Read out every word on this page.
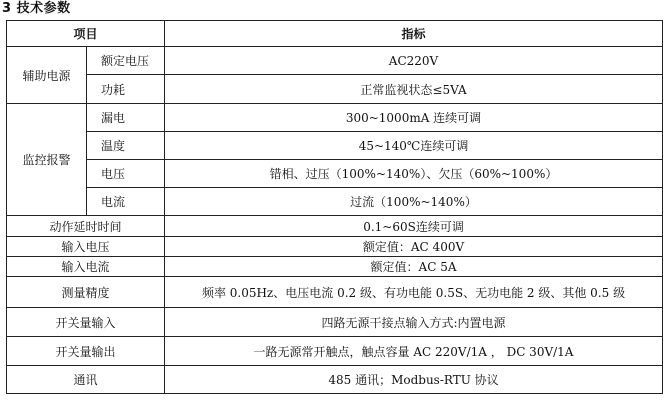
3 技术参数
项目		指标
辅助电源	额定电压	AC220V
	功耗	正常监视状态≤5VA
监控报警	漏电	300~1000mA 连续可调
	温度	45~140℃连续可调
	电压	错相、过压（100%~140%）、欠压（60%~100%）
	电流	过流（100%~140%）
动作延时时间		0.1~60S连续可调
输入电压		额定值：AC 400V
输入电流		额定值：AC 5A
测量精度		频率 0.05Hz、电压电流 0.2 级、有功电能 0.5S、无功电能 2 级、其他 0.5 级
开关量输入		四路无源干接点输入方式:内置电源
开关量输出		一路无源常开触点，触点容量 AC 220V/1A ， DC 30V/1A
通讯		485 通讯；Modbus-RTU 协议
